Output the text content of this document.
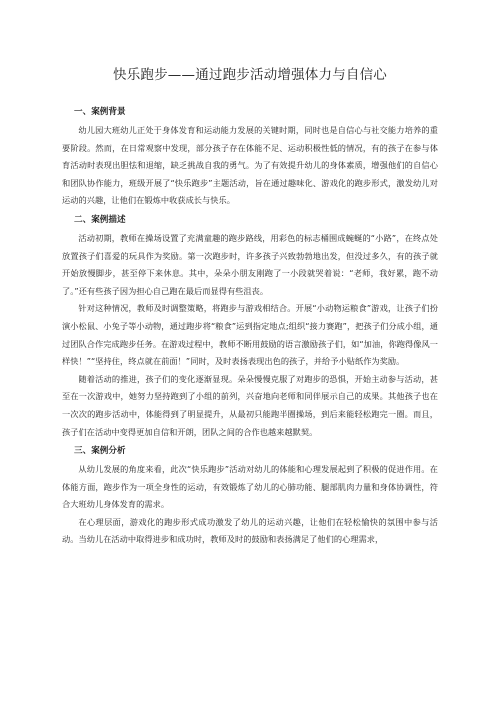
快乐跑步——通过跑步活动增强体力与自信心
一、案例背景

幼儿园大班幼儿正处于身体发育和运动能力发展的关键时期，同时也是自信心与社交能力培养的重要阶段。然而，在日常观察中发现，部分孩子存在体能不足、运动积极性低的情况，有的孩子在参与体育活动时表现出胆怯和退缩，缺乏挑战自我的勇气。为了有效提升幼儿的身体素质，增强他们的自信心和团队协作能力，班级开展了“快乐跑步”主题活动，旨在通过趣味化、游戏化的跑步形式，激发幼儿对运动的兴趣，让他们在锻炼中收获成长与快乐。

二、案例描述

活动初期，教师在操场设置了充满童趣的跑步路线，用彩色的标志桶围成蜿蜒的“小路”，在终点处放置孩子们喜爱的玩具作为奖励。第一次跑步时，许多孩子兴致勃勃地出发，但没过多久，有的孩子就开始放慢脚步，甚至停下来休息。其中，朵朵小朋友刚跑了一小段就哭着说：“老师，我好累，跑不动了。”还有些孩子因为担心自己跑在最后而显得有些沮丧。

针对这种情况，教师及时调整策略，将跑步与游戏相结合。开展“小动物运粮食”游戏，让孩子们扮演小松鼠、小兔子等小动物，通过跑步将“粮食”运到指定地点;组织“接力赛跑”，把孩子们分成小组，通过团队合作完成跑步任务。在游戏过程中，教师不断用鼓励的语言激励孩子们，如“加油，你跑得像风一样快！”“坚持住，终点就在前面！”同时，及时表扬表现出色的孩子，并给予小贴纸作为奖励。

随着活动的推进，孩子们的变化逐渐显现。朵朵慢慢克服了对跑步的恐惧，开始主动参与活动，甚至在一次游戏中，她努力坚持跑到了小组的前列，兴奋地向老师和同伴展示自己的成果。其他孩子也在一次次的跑步活动中，体能得到了明显提升，从最初只能跑半圈操场，到后来能轻松跑完一圈。而且，孩子们在活动中变得更加自信和开朗，团队之间的合作也越来越默契。

三、案例分析

从幼儿发展的角度来看，此次“快乐跑步”活动对幼儿的体能和心理发展起到了积极的促进作用。在体能方面，跑步作为一项全身性的运动，有效锻炼了幼儿的心肺功能、腿部肌肉力量和身体协调性，符合大班幼儿身体发育的需求。

在心理层面，游戏化的跑步形式成功激发了幼儿的运动兴趣，让他们在轻松愉快的氛围中参与活动。当幼儿在活动中取得进步和成功时，教师及时的鼓励和表扬满足了他们的心理需求，
